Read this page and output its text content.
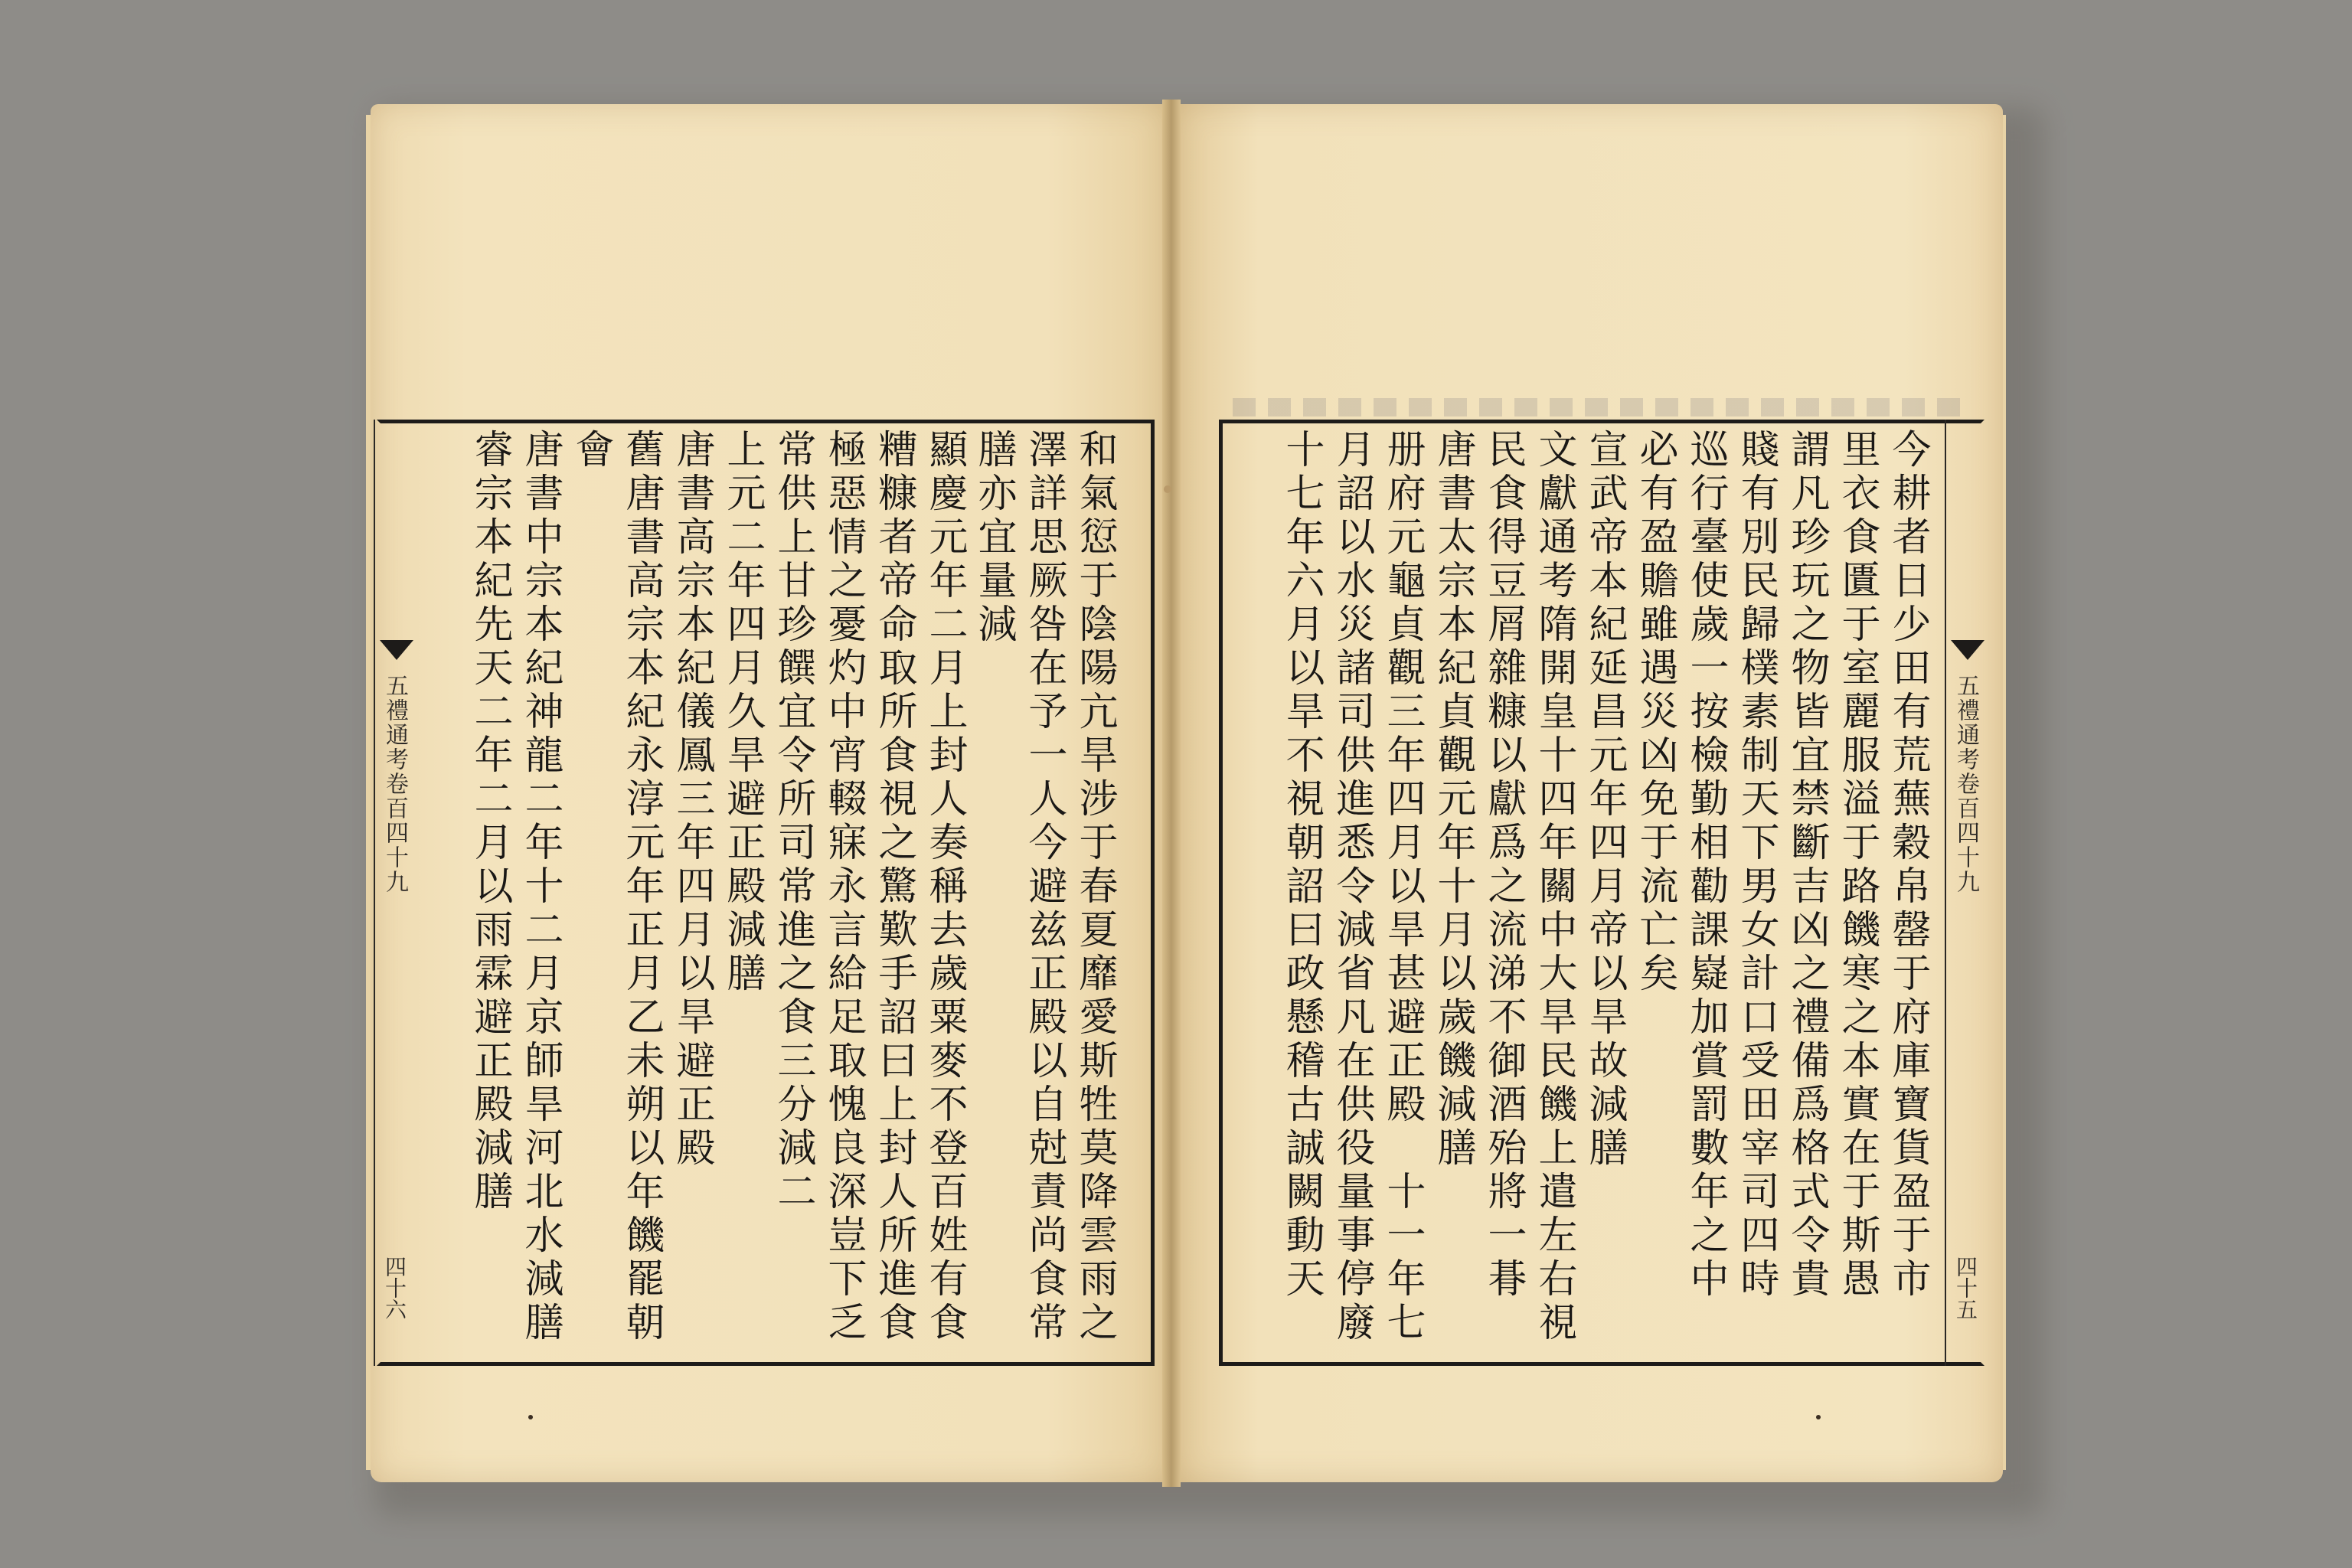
五禮通考卷百四十九
四十六	和氣愆于陰陽亢旱涉于春夏靡愛斯牲莫降雲雨之
澤詳思厥咎在予一人今避兹正殿以自尅責尚食常
膳亦宜量減
顯慶元年二月上封人奏稱去歲粟麥不登百姓有食
糟糠者帝命取所食視之驚歎手詔曰上封人所進食
極惡情之憂灼中宵輟寐永言給足取愧良深豈下乏
常供上甘珍饌宜令所司常進之食三分減二
上元二年四月久旱避正殿減膳
唐書高宗本紀儀鳳三年四月以旱避正殿
舊唐書高宗本紀永淳元年正月乙未朔以年饑罷朝
會
唐書中宗本紀神龍二年十二月京師旱河北水減膳
睿宗本紀先天二年二月以雨霖避正殿減膳	五禮通考卷百四十九
四十五
今耕者日少田有荒蕪穀帛罄于府庫寶貨盈于市
里衣食匱于室麗服溢于路饑寒之本實在于斯愚
謂凡珍玩之物皆宜禁斷吉凶之禮備爲格式令貴
賤有別民歸樸素制天下男女計口受田宰司四時
巡行臺使歲一按檢勤相勸課嶷加賞罰數年之中
必有盈贍雖遇災凶免于流亡矣
宣武帝本紀延昌元年四月帝以旱故減膳
文獻通考隋開皇十四年關中大旱民饑上遣左右視
民食得豆屑雜糠以獻爲之流涕不御酒殆將一朞
唐書太宗本紀貞觀元年十月以歲饑減膳
册府元龜貞觀三年四月以旱甚避正殿　十一年七
月詔以水災諸司供進悉令減省凡在供役量事停廢
十七年六月以旱不視朝詔曰政懸稽古誠闕動天
